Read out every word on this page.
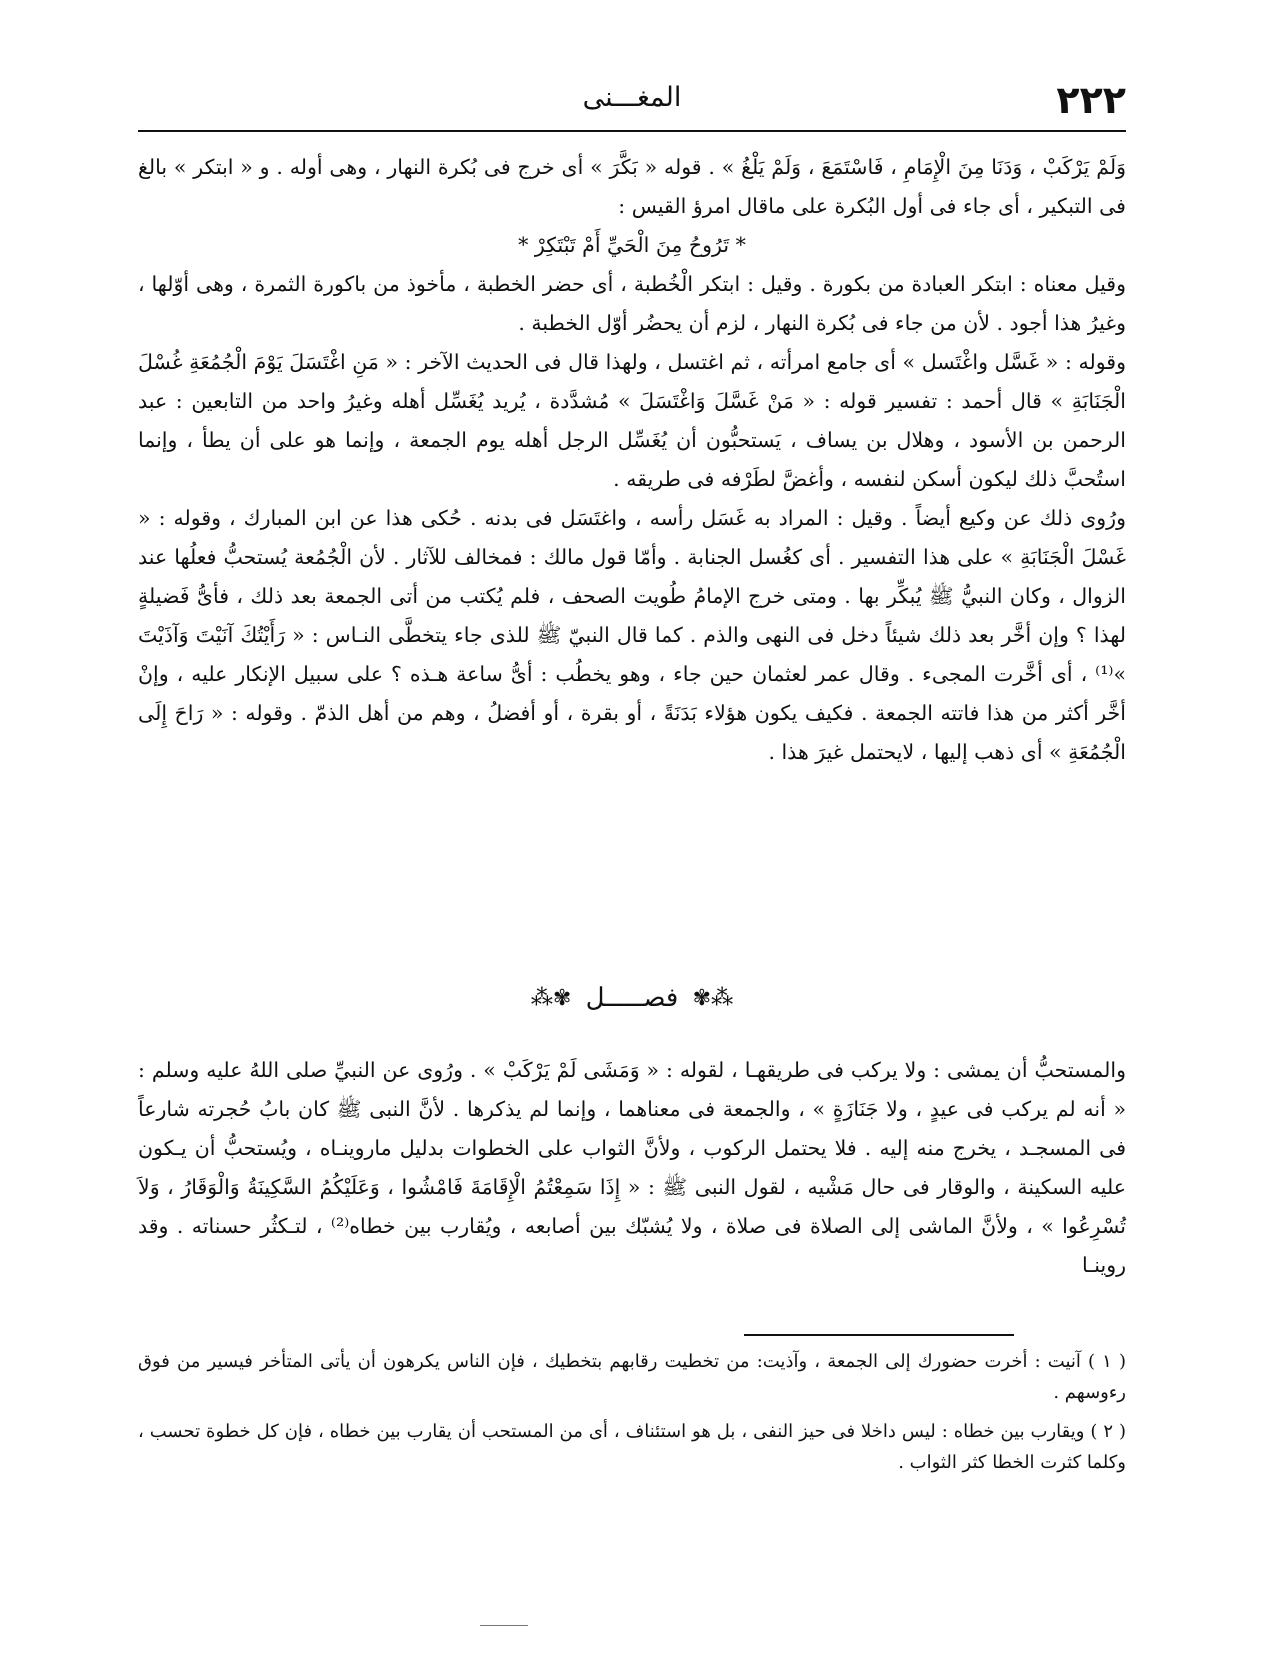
٢٢٢
المغـــنى

وَلَمْ يَرْكَبْ ، وَدَنَا مِنَ الْإِمَامِ ، فَاسْتَمَعَ ، وَلَمْ يَلْغُ » . قوله « بَكَّرَ » أى خرج فى بُكرة النهار ، وهى أوله . و « ابتكر » بالغ فى التبكير ، أى جاء فى أول البُكرة على ماقال امرؤ القيس :

* تَرُوحُ مِنَ الْحَيِّ أَمْ تَبْتَكِرْ *

وقيل معناه : ابتكر العبادة من بكورة . وقيل : ابتكر الْخُطبة ، أى حضر الخطبة ، مأخوذ من باكورة الثمرة ، وهى أوّلها ، وغيرُ هذا أجود . لأن من جاء فى بُكرة النهار ، لزم أن يحضُر أوّل الخطبة .

وقوله : « غَسَّل واغْتَسل » أى جامع امرأته ، ثم اغتسل ، ولهذا قال فى الحديث الآخر : « مَنِ اغْتَسَلَ يَوْمَ الْجُمُعَةِ غُسْلَ الْجَنَابَةِ » قال أحمد : تفسير قوله : « مَنْ غَسَّلَ وَاغْتَسَلَ » مُشدَّدة ، يُريد يُغَسِّل أهله وغيرُ واحد من التابعين : عبد الرحمن بن الأسود ، وهلال بن يساف ، يَستحبُّون أن يُغَسِّل الرجل أهله يوم الجمعة ، وإنما هو على أن يطأ ، وإنما استُحبَّ ذلك ليكون أسكن لنفسه ، وأغضَّ لطَرْفه فى طريقه .

ورُوى ذلك عن وكيع أيضاً . وقيل : المراد به غَسَل رأسه ، واغتَسَل فى بدنه . حُكى هذا عن ابن المبارك ، وقوله : « غَسْلَ الْجَنَابَةِ » على هذا التفسير . أى كغُسل الجنابة . وأمّا قول مالك : فمخالف للآثار . لأن الْجُمُعة يُستحبُّ فعلُها عند الزوال ، وكان النبيُّ ﷺ يُبكِّر بها . ومتى خرج الإمامُ طُويت الصحف ، فلم يُكتب من أتى الجمعة بعد ذلك ، فأىُّ فَضيلةٍ لهذا ؟ وإن أخَّر بعد ذلك شيئاً دخل فى النهى والذم . كما قال النبيّ ﷺ للذى جاء يتخطَّى النـاس : « رَأَيْتُكَ آنَيْتَ وَآذَيْتَ »⁽¹⁾ ، أى أخَّرت المجىء . وقال عمر لعثمان حين جاء ، وهو يخطُب : أىُّ ساعة هـذه ؟ على سبيل الإنكار عليه ، وإنْ أخَّر أكثر من هذا فاتته الجمعة . فكيف يكون هؤلاء بَدَنَةً ، أو بقرة ، أو أفضلُ ، وهم من أهل الذمّ . وقوله : « رَاحَ إِلَى الْجُمُعَةِ » أى ذهب إليها ، لايحتمل غيرَ هذا .

⁂✾ فصـــــل ✾⁂

والمستحبُّ أن يمشى : ولا يركب فى طريقهـا ، لقوله : « وَمَشَى لَمْ يَرْكَبْ » . ورُوى عن النبيِّ صلى اللهُ عليه وسلم : « أنه لم يركب فى عيدٍ ، ولا جَنَازَةٍ » ، والجمعة فى معناهما ، وإنما لم يذكرها . لأنَّ النبى ﷺ كان بابُ حُجرته شارعاً فى المسجـد ، يخرج منه إليه . فلا يحتمل الركوب ، ولأنَّ الثواب على الخطوات بدليل ماروينـاه ، ويُستحبُّ أن يـكون عليه السكينة ، والوقار فى حال مَشْيه ، لقول النبى ﷺ : « إِذَا سَمِعْتُمُ الْإِقَامَةَ فَامْشُوا ، وَعَلَيْكُمُ السَّكِينَةُ وَالْوَقَارُ ، وَلاَ تُسْرِعُوا » ، ولأنَّ الماشى إلى الصلاة فى صلاة ، ولا يُشبّك بين أصابعه ، ويُقارب بين خطاه⁽²⁾ ، لتـكثُر حسناته . وقد روينـا

( ١ ) آنيت : أخرت حضورك إلى الجمعة ، وآذيت: من تخطيت رقابهم بتخطيك ، فإن الناس يكرهون أن يأتى المتأخر فيسير من فوق رءوسهم .

( ٢ ) ويقارب بين خطاه : ليس داخلا فى حيز النفى ، بل هو استئناف ، أى من المستحب أن يقارب بين خطاه ، فإن كل خطوة تحسب ، وكلما كثرت الخطا كثر الثواب .
